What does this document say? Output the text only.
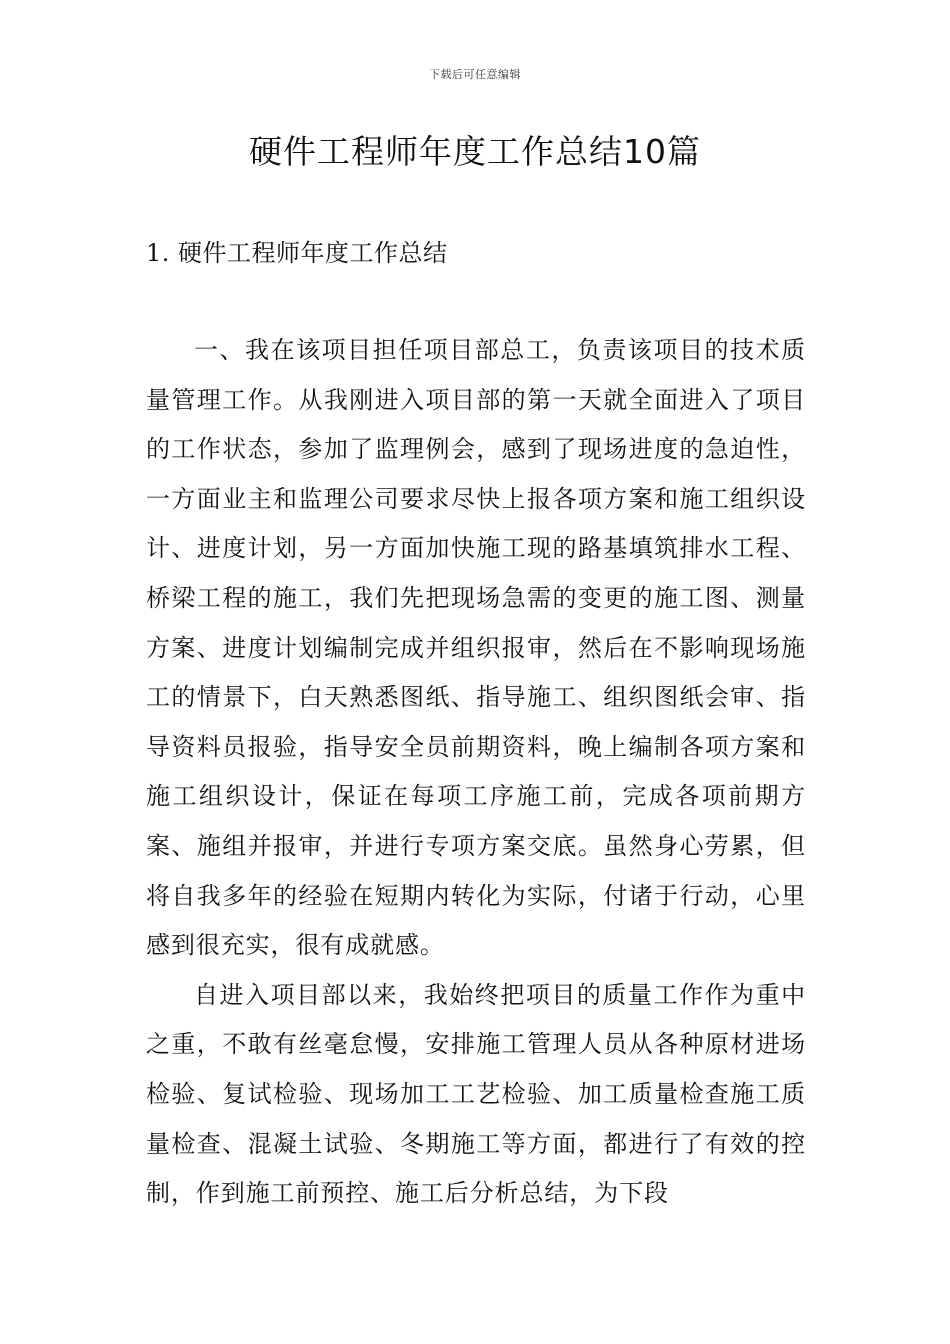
下载后可任意编辑
硬件工程师年度工作总结10篇
1. 硬件工程师年度工作总结

一、我在该项目担任项目部总工，负责该项目的技术质量管理工作。从我刚进入项目部的第一天就全面进入了项目的工作状态，参加了监理例会，感到了现场进度的急迫性，一方面业主和监理公司要求尽快上报各项方案和施工组织设计、进度计划，另一方面加快施工现的路基填筑排水工程、桥梁工程的施工，我们先把现场急需的变更的施工图、测量方案、进度计划编制完成并组织报审，然后在不影响现场施工的情景下，白天熟悉图纸、指导施工、组织图纸会审、指导资料员报验，指导安全员前期资料，晚上编制各项方案和施工组织设计，保证在每项工序施工前，完成各项前期方案、施组并报审，并进行专项方案交底。虽然身心劳累，但将自我多年的经验在短期内转化为实际，付诸于行动，心里感到很充实，很有成就感。

自进入项目部以来，我始终把项目的质量工作作为重中之重，不敢有丝毫怠慢，安排施工管理人员从各种原材进场检验、复试检验、现场加工工艺检验、加工质量检查施工质量检查、混凝土试验、冬期施工等方面，都进行了有效的控制，作到施工前预控、施工后分析总结，为下段
